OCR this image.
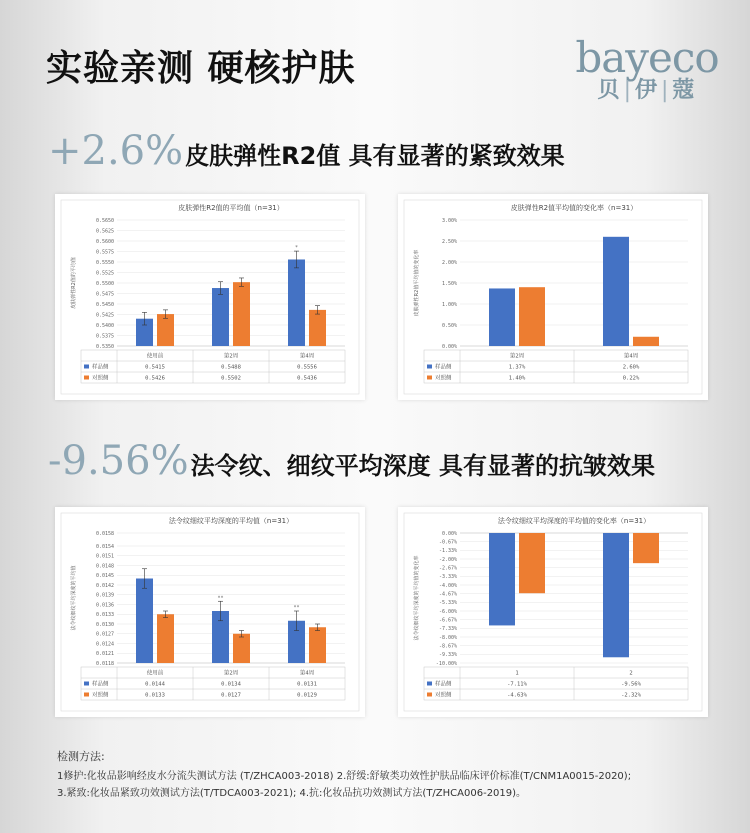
实验亲测 硬核护肤	bayeco
贝|伊|蔻
+2.6%皮肤弹性R2值 具有显著的紧致效果
皮肤弹性R2值的平均值（n=31）
皮肤弹性R2值的平均值
0.5350
0.5375
0.5400
0.5425
0.5450
0.5475
0.5500
0.5525
0.5550
0.5575
0.5600
0.5625
0.5650
*
使用前
0.5415
0.5426
第2周
0.5488
0.5502
第4周
0.5556
0.5436
样品侧
对照侧
皮肤弹性R2值平均值的变化率（n=31）
皮肤弹性R2值平均值的变化率
0.00%
0.50%
1.00%
1.50%
2.00%
2.50%
3.00%
第2周
1.37%
1.40%
第4周
2.60%
0.22%
样品侧
对照侧
-9.56%法令纹、细纹平均深度 具有显著的抗皱效果
法令纹细纹平均深度的平均值（n=31）
法令纹细纹平均深度的平均值
0.0118
0.0121
0.0124
0.0127
0.0130
0.0133
0.0136
0.0139
0.0142
0.0145
0.0148
0.0151
0.0154
0.0158
**
**
使用前
0.0144
0.0133
第2周
0.0134
0.0127
第4周
0.0131
0.0129
样品侧
对照侧
法令纹细纹平均深度的平均值的变化率（n=31）
法令纹细纹平均深度的平均值的变化率
0.00%
-0.67%
-1.33%
-2.00%
-2.67%
-3.33%
-4.00%
-4.67%
-5.33%
-6.00%
-6.67%
-7.33%
-8.00%
-8.67%
-9.33%
-10.00%
1
-7.11%
-4.63%
2
-9.56%
-2.32%
样品侧
对照侧
检测方法:
1修护:化妆品影响经皮水分流失测试方法 (T/ZHCA003-2018) 2.舒缓:舒敏类功效性护肤品临床评价标准(T/CNM1A0015-2020);
3.紧致:化妆品紧致功效测试方法(T/TDCA003-2021); 4.抗:化妆品抗功效测试方法(T/ZHCA006-2019)。
